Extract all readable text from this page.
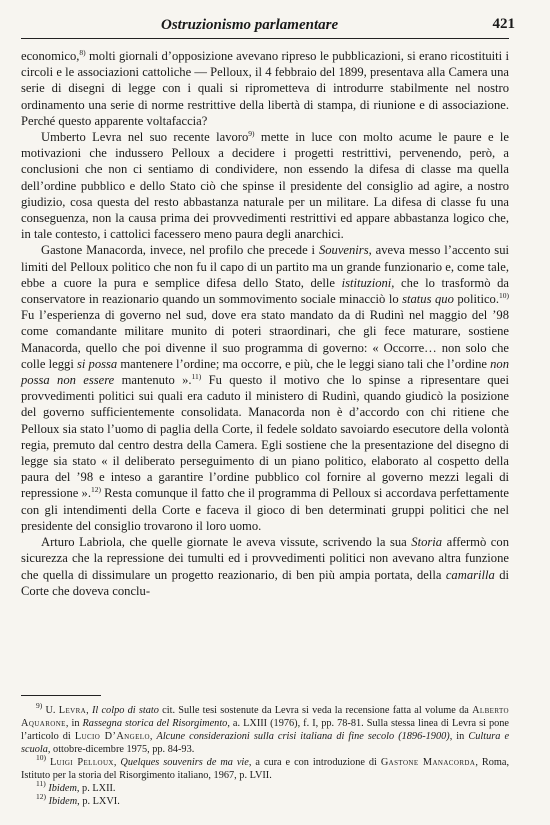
Ostruzionismo parlamentare	421

economico,$^{8)}$ molti giornali d’opposizione avevano ripreso le pubblicazioni, si erano ricostituiti i circoli e le associazioni cattoliche — Pelloux, il 4 febbraio del 1899, presentava alla Camera una serie di disegni di legge con i quali si riprometteva di introdurre stabilmente nel nostro ordinamento una serie di norme restrittive della libertà di stampa, di riunione e di associazione. Perché questo apparente voltafaccia?

Umberto Levra nel suo recente lavoro$^{9)}$ mette in luce con molto acume le paure e le motivazioni che indussero Pelloux a decidere i progetti restrittivi, pervenendo, però, a conclusioni che non ci sentiamo di condividere, non essendo la difesa di classe ma quella dell’ordine pubblico e dello Stato ciò che spinse il presidente del consiglio ad agire, a nostro giudizio, cosa questa del resto abbastanza naturale per un militare. La difesa di classe fu una conseguenza, non la causa prima dei provvedimenti restrittivi ed appare abbastanza logico che, in tale contesto, i cattolici facessero meno paura degli anarchici.

Gastone Manacorda, invece, nel profilo che precede i Souvenirs, aveva messo l’accento sui limiti del Pelloux politico che non fu il capo di un partito ma un grande funzionario e, come tale, ebbe a cuore la pura e semplice difesa dello Stato, delle istituzioni, che lo trasformò da conservatore in reazionario quando un sommovimento sociale minacciò lo status quo politico.$^{10)}$ Fu l’esperienza di governo nel sud, dove era stato mandato da di Rudinì nel maggio del ’98 come comandante militare munito di poteri straordinari, che gli fece maturare, sostiene Manacorda, quello che poi divenne il suo programma di governo: « Occorre… non solo che colle leggi si possa mantenere l’ordine; ma occorre, e più, che le leggi siano tali che l’ordine non possa non essere mantenuto ».$^{11)}$ Fu questo il motivo che lo spinse a ripresentare quei provvedimenti politici sui quali era caduto il ministero di Rudinì, quando giudicò la posizione del governo sufficientemente consolidata. Manacorda non è d’accordo con chi ritiene che Pelloux sia stato l’uomo di paglia della Corte, il fedele soldato savoiardo esecutore della volontà regia, premuto dal centro destra della Camera. Egli sostiene che la presentazione del disegno di legge sia stato « il deliberato perseguimento di un piano politico, elaborato al cospetto della paura del ’98 e inteso a garantire l’ordine pubblico col fornire al governo mezzi legali di repressione ».$^{12)}$ Resta comunque il fatto che il programma di Pelloux si accordava perfettamente con gli intendimenti della Corte e faceva il gioco di ben determinati gruppi politici che nel presidente del consiglio trovarono il loro uomo.

Arturo Labriola, che quelle giornate le aveva vissute, scrivendo la sua Storia affermò con sicurezza che la repressione dei tumulti ed i provvedimenti politici non avevano altra funzione che quella di dissimulare un progetto reazionario, di ben più ampia portata, della camarilla di Corte che doveva conclu-

$^{9)}$ U. Levra, Il colpo di stato cit. Sulle tesi sostenute da Levra si veda la recensione fatta al volume da Alberto Aquarone, in Rassegna storica del Risorgimento, a. LXIII (1976), f. I, pp. 78-81. Sulla stessa linea di Levra si pone l’articolo di Lucio D’Angelo, Alcune considerazioni sulla crisi italiana di fine secolo (1896-1900), in Cultura e scuola, ottobre-dicembre 1975, pp. 84-93.

$^{10)}$ Luigi Pelloux, Quelques souvenirs de ma vie, a cura e con introduzione di Gastone Manacorda, Roma, Istituto per la storia del Risorgimento italiano, 1967, p. LVII.

$^{11)}$ Ibidem, p. LXII.

$^{12)}$ Ibidem, p. LXVI.
